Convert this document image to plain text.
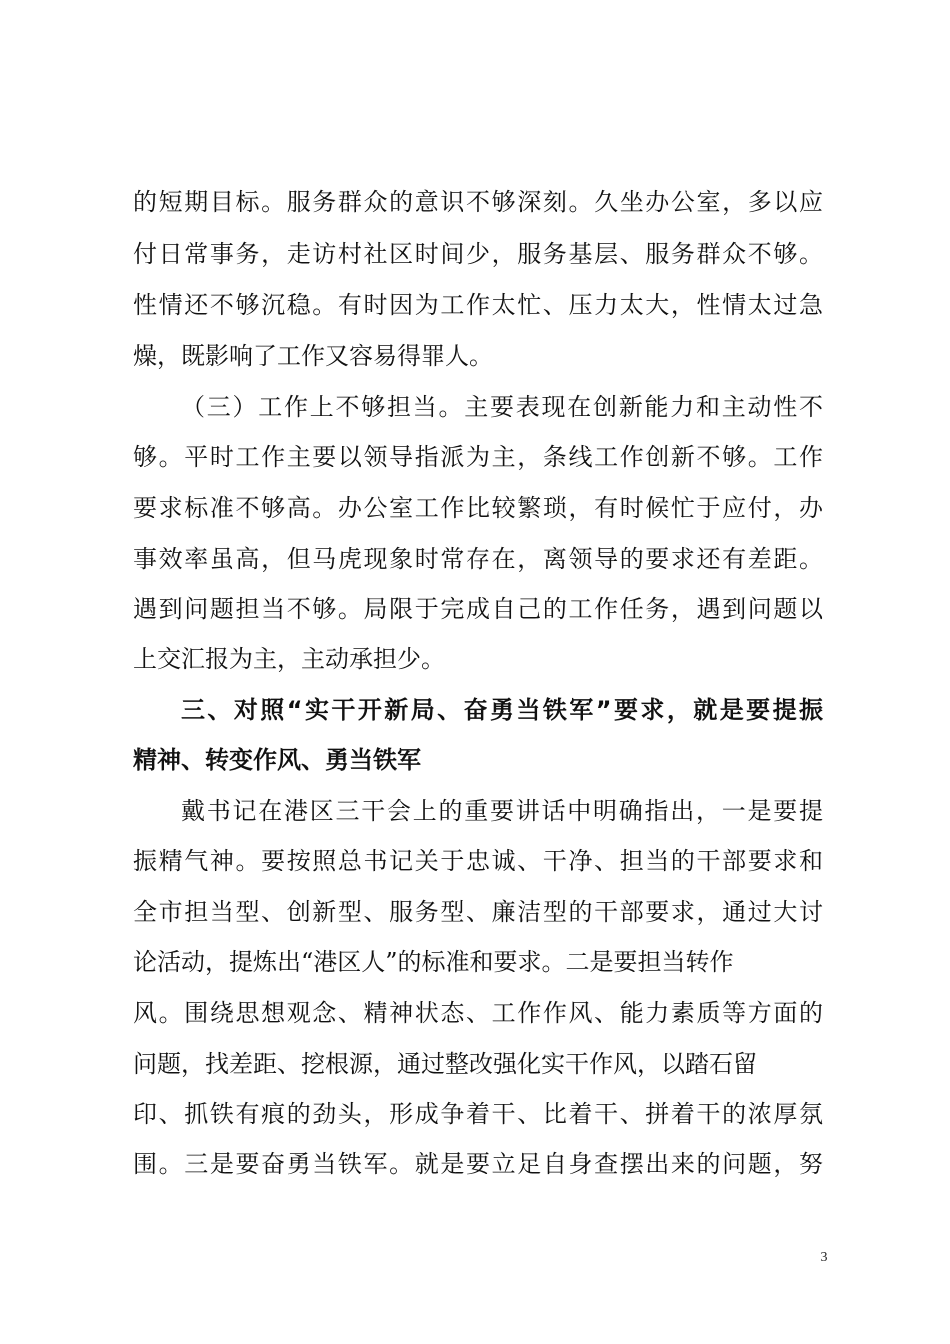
的短期目标。服务群众的意识不够深刻。久坐办公室，多以应
付日常事务，走访村社区时间少，服务基层、服务群众不够。
性情还不够沉稳。有时因为工作太忙、压力太大，性情太过急
燥，既影响了工作又容易得罪人。
（三）工作上不够担当。主要表现在创新能力和主动性不
够。平时工作主要以领导指派为主，条线工作创新不够。工作
要求标准不够高。办公室工作比较繁琐，有时候忙于应付，办
事效率虽高，但马虎现象时常存在，离领导的要求还有差距。
遇到问题担当不够。局限于完成自己的工作任务，遇到问题以
上交汇报为主，主动承担少。
三、对照“实干开新局、奋勇当铁军”要求，就是要提振
精神、转变作风、勇当铁军
戴书记在港区三干会上的重要讲话中明确指出，一是要提
振精气神。要按照总书记关于忠诚、干净、担当的干部要求和
全市担当型、创新型、服务型、廉洁型的干部要求，通过大讨
论活动，提炼出“港区人”的标准和要求。二是要担当转作
风。围绕思想观念、精神状态、工作作风、能力素质等方面的
问题，找差距、挖根源，通过整改强化实干作风，以踏石留
印、抓铁有痕的劲头，形成争着干、比着干、拼着干的浓厚氛
围。三是要奋勇当铁军。就是要立足自身查摆出来的问题，努
3
